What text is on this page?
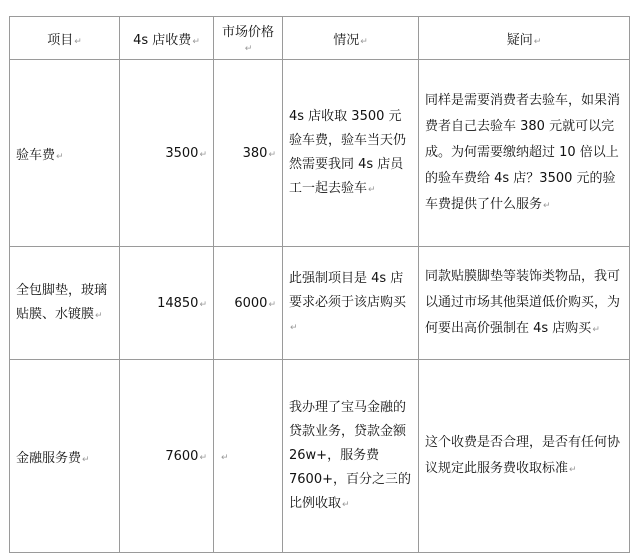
项目↵	4s 店收费↵	市场价格↵	情况↵	疑问↵
验车费↵	3500↵	380↵	4s 店收取 3500 元验车费，验车当天仍然需要我同 4s 店员工一起去验车↵	同样是需要消费者去验车，如果消费者自己去验车 380 元就可以完成。为何需要缴纳超过 10 倍以上的验车费给 4s 店？3500 元的验车费提供了什么服务↵
全包脚垫，玻璃贴膜、水镀膜↵	14850↵	6000↵	此强制项目是 4s 店要求必须于该店购买↵	同款贴膜脚垫等装饰类物品，我可以通过市场其他渠道低价购买，为何要出高价强制在 4s 店购买↵
金融服务费↵	7600↵	↵	我办理了宝马金融的贷款业务，贷款金额 26w+，服务费 7600+，百分之三的比例收取↵	这个收费是否合理，是否有任何协议规定此服务费收取标准↵
